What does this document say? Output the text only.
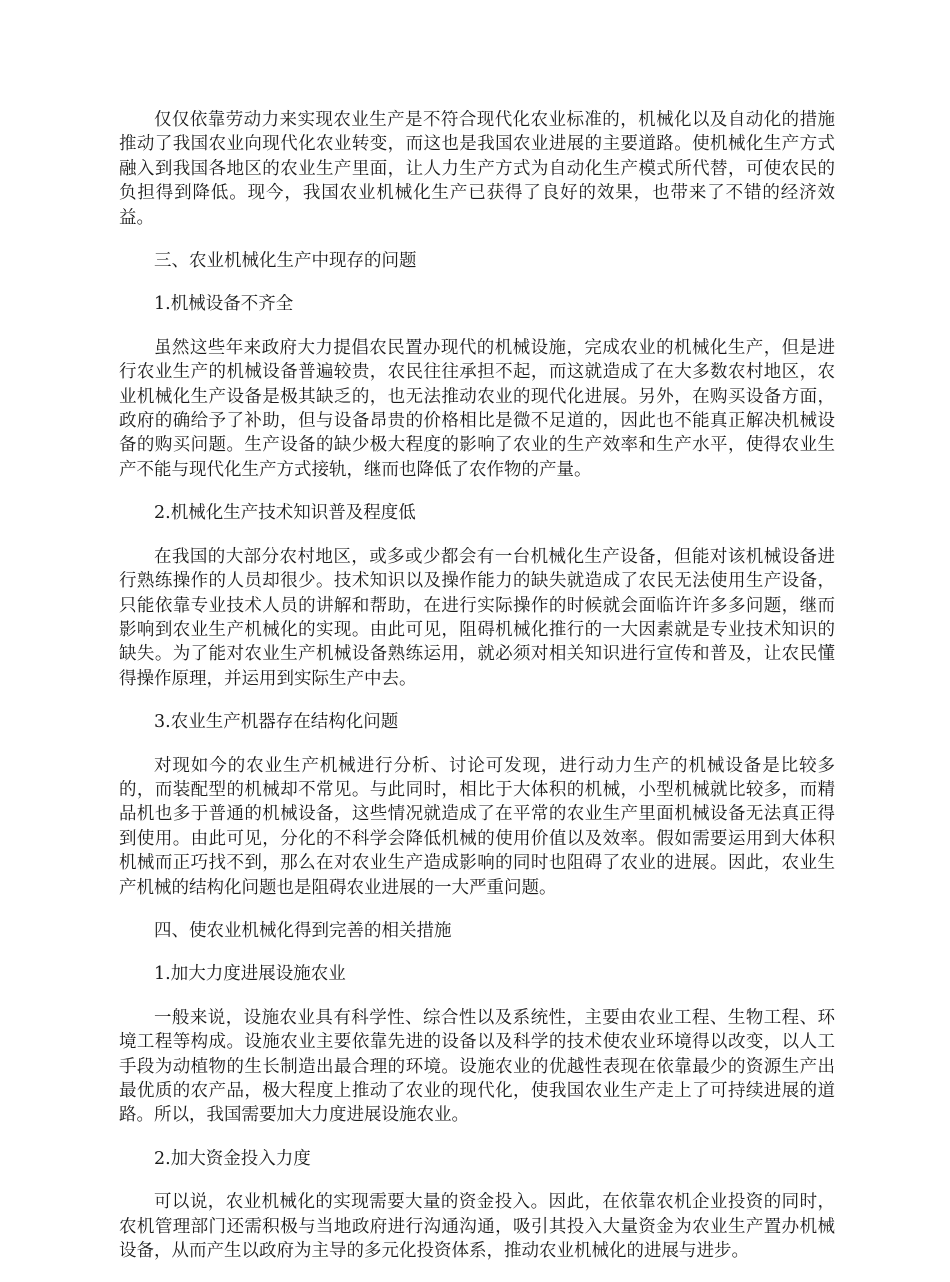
仅仅依靠劳动力来实现农业生产是不符合现代化农业标准的，机械化以及自动化的措施推动了我国农业向现代化农业转变，而这也是我国农业进展的主要道路。使机械化生产方式融入到我国各地区的农业生产里面，让人力生产方式为自动化生产模式所代替，可使农民的负担得到降低。现今，我国农业机械化生产已获得了良好的效果，也带来了不错的经济效益。

三、农业机械化生产中现存的问题

1.机械设备不齐全

虽然这些年来政府大力提倡农民置办现代的机械设施，完成农业的机械化生产，但是进行农业生产的机械设备普遍较贵，农民往往承担不起，而这就造成了在大多数农村地区，农业机械化生产设备是极其缺乏的，也无法推动农业的现代化进展。另外，在购买设备方面，政府的确给予了补助，但与设备昂贵的价格相比是微不足道的，因此也不能真正解决机械设备的购买问题。生产设备的缺少极大程度的影响了农业的生产效率和生产水平，使得农业生产不能与现代化生产方式接轨，继而也降低了农作物的产量。

2.机械化生产技术知识普及程度低

在我国的大部分农村地区，或多或少都会有一台机械化生产设备，但能对该机械设备进行熟练操作的人员却很少。技术知识以及操作能力的缺失就造成了农民无法使用生产设备，只能依靠专业技术人员的讲解和帮助，在进行实际操作的时候就会面临许许多多问题，继而影响到农业生产机械化的实现。由此可见，阻碍机械化推行的一大因素就是专业技术知识的缺失。为了能对农业生产机械设备熟练运用，就必须对相关知识进行宣传和普及，让农民懂得操作原理，并运用到实际生产中去。

3.农业生产机器存在结构化问题

对现如今的农业生产机械进行分析、讨论可发现，进行动力生产的机械设备是比较多的，而装配型的机械却不常见。与此同时，相比于大体积的机械，小型机械就比较多，而精品机也多于普通的机械设备，这些情况就造成了在平常的农业生产里面机械设备无法真正得到使用。由此可见，分化的不科学会降低机械的使用价值以及效率。假如需要运用到大体积机械而正巧找不到，那么在对农业生产造成影响的同时也阻碍了农业的进展。因此，农业生产机械的结构化问题也是阻碍农业进展的一大严重问题。

四、使农业机械化得到完善的相关措施

1.加大力度进展设施农业

一般来说，设施农业具有科学性、综合性以及系统性，主要由农业工程、生物工程、环境工程等构成。设施农业主要依靠先进的设备以及科学的技术使农业环境得以改变，以人工手段为动植物的生长制造出最合理的环境。设施农业的优越性表现在依靠最少的资源生产出最优质的农产品，极大程度上推动了农业的现代化，使我国农业生产走上了可持续进展的道路。所以，我国需要加大力度进展设施农业。

2.加大资金投入力度

可以说，农业机械化的实现需要大量的资金投入。因此，在依靠农机企业投资的同时，农机管理部门还需积极与当地政府进行沟通沟通，吸引其投入大量资金为农业生产置办机械设备，从而产生以政府为主导的多元化投资体系，推动农业机械化的进展与进步。
